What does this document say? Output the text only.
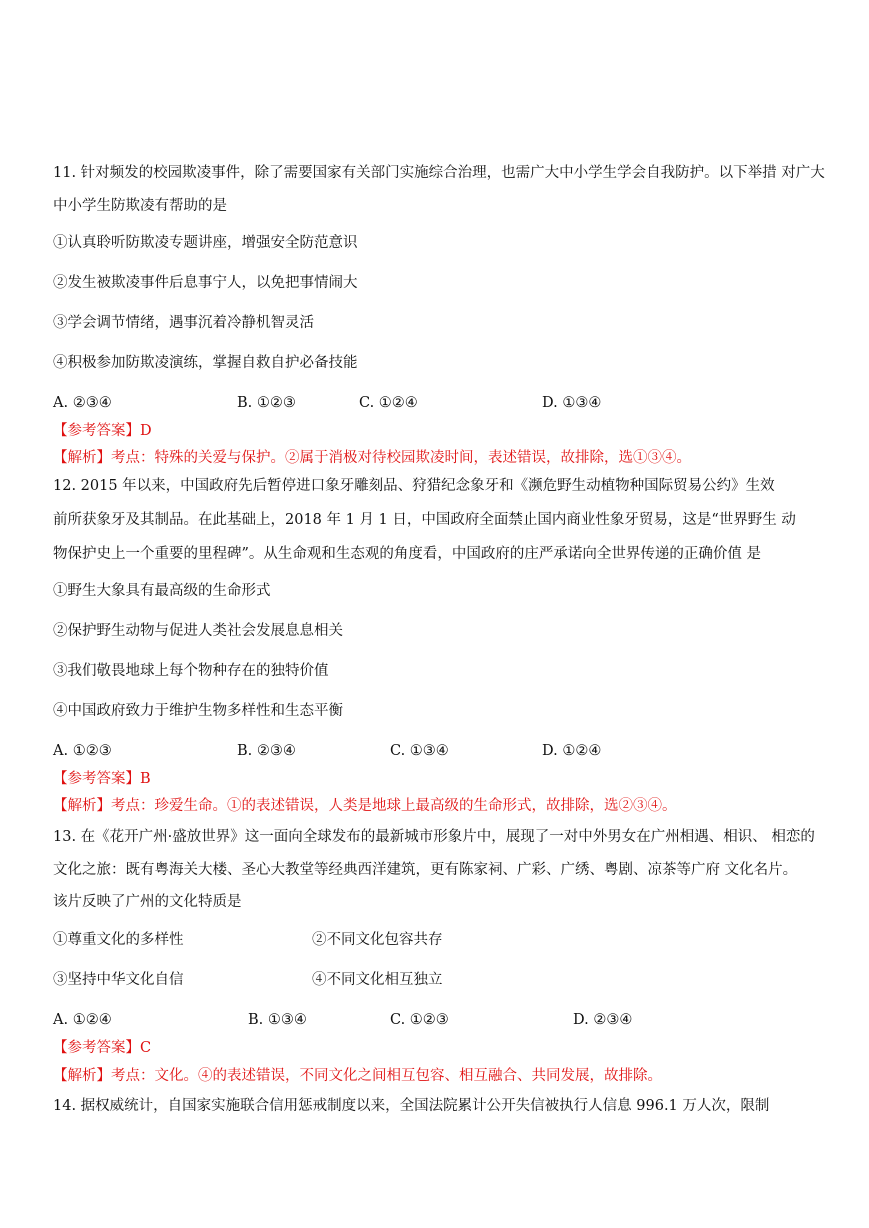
11. 针对频发的校园欺凌事件，除了需要国家有关部门实施综合治理，也需广大中小学生学会自我防护。以下举措 对广大
中小学生防欺凌有帮助的是
①认真聆听防欺凌专题讲座，增强安全防范意识
②发生被欺凌事件后息事宁人，以免把事情闹大
③学会调节情绪，遇事沉着冷静机智灵活
④积极参加防欺凌演练，掌握自救自护必备技能
A. ②③④	B. ①②③	C. ①②④	D. ①③④
【参考答案】D
【解析】考点：特殊的关爱与保护。②属于消极对待校园欺凌时间，表述错误，故排除，选①③④。
12. 2015 年以来，中国政府先后暂停进口象牙雕刻品、狩猎纪念象牙和《濒危野生动植物种国际贸易公约》生效
前所获象牙及其制品。在此基础上，2018 年 1 月 1 日，中国政府全面禁止国内商业性象牙贸易，这是“世界野生 动
物保护史上一个重要的里程碑”。从生命观和生态观的角度看，中国政府的庄严承诺向全世界传递的正确价值 是
①野生大象具有最高级的生命形式
②保护野生动物与促进人类社会发展息息相关
③我们敬畏地球上每个物种存在的独特价值
④中国政府致力于维护生物多样性和生态平衡
A. ①②③	B. ②③④	C. ①③④	D. ①②④
【参考答案】B
【解析】考点：珍爱生命。①的表述错误，人类是地球上最高级的生命形式，故排除，选②③④。
13. 在《花开广州·盛放世界》这一面向全球发布的最新城市形象片中，展现了一对中外男女在广州相遇、相识、 相恋的
文化之旅：既有粤海关大楼、圣心大教堂等经典西洋建筑，更有陈家祠、广彩、广绣、粤剧、凉茶等广府 文化名片。
该片反映了广州的文化特质是
①尊重文化的多样性	②不同文化包容共存
③坚持中华文化自信	④不同文化相互独立
A. ①②④	B. ①③④	C. ①②③	D. ②③④
【参考答案】C
【解析】考点：文化。④的表述错误，不同文化之间相互包容、相互融合、共同发展，故排除。
14. 据权威统计，自国家实施联合信用惩戒制度以来，全国法院累计公开失信被执行人信息 996.1 万人次，限制
